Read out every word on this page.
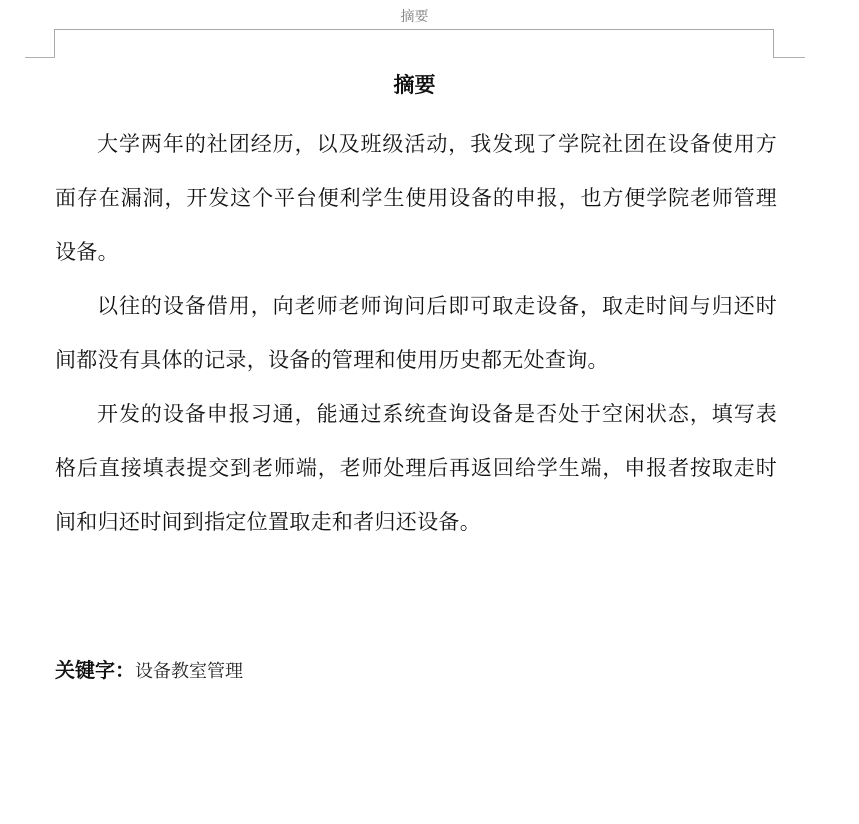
摘要
摘要

大学两年的社团经历，以及班级活动，我发现了学院社团在设备使用方面存在漏洞，开发这个平台便利学生使用设备的申报，也方便学院老师管理设备。

以往的设备借用，向老师老师询问后即可取走设备，取走时间与归还时间都没有具体的记录，设备的管理和使用历史都无处查询。

开发的设备申报习通，能通过系统查询设备是否处于空闲状态，填写表格后直接填表提交到老师端，老师处理后再返回给学生端，申报者按取走时间和归还时间到指定位置取走和者归还设备。

关键字：设备教室管理
